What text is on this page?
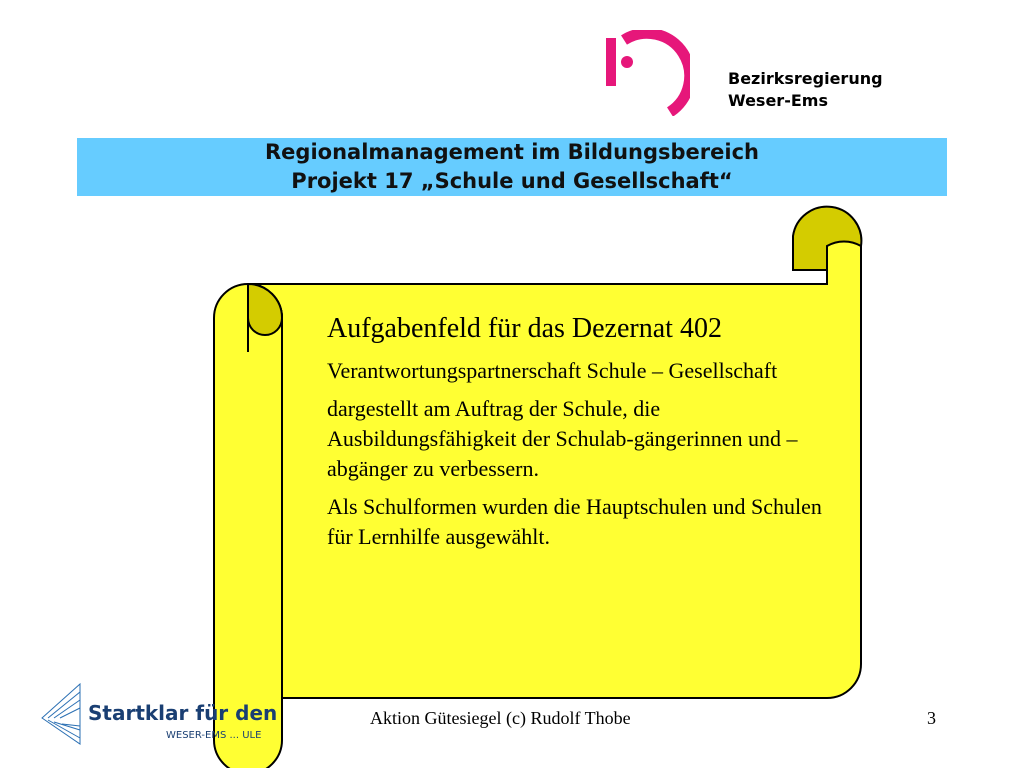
Bezirksregierung
Weser-Ems
Regionalmanagement im Bildungsbereich
Projekt 17 „Schule und Gesellschaft“

Aufgabenfeld für das Dezernat 402

Verantwortungspartnerschaft Schule – Gesellschaft

dargestellt am Auftrag der Schule, die Ausbildungsfähigkeit der Schulab-gängerinnen und –abgänger zu verbessern.

Als Schulformen wurden die Hauptschulen und Schulen für Lernhilfe ausgewählt.

Startklar für den
WESER-EMS ... ULE
Aktion Gütesiegel (c) Rudolf Thobe	3
